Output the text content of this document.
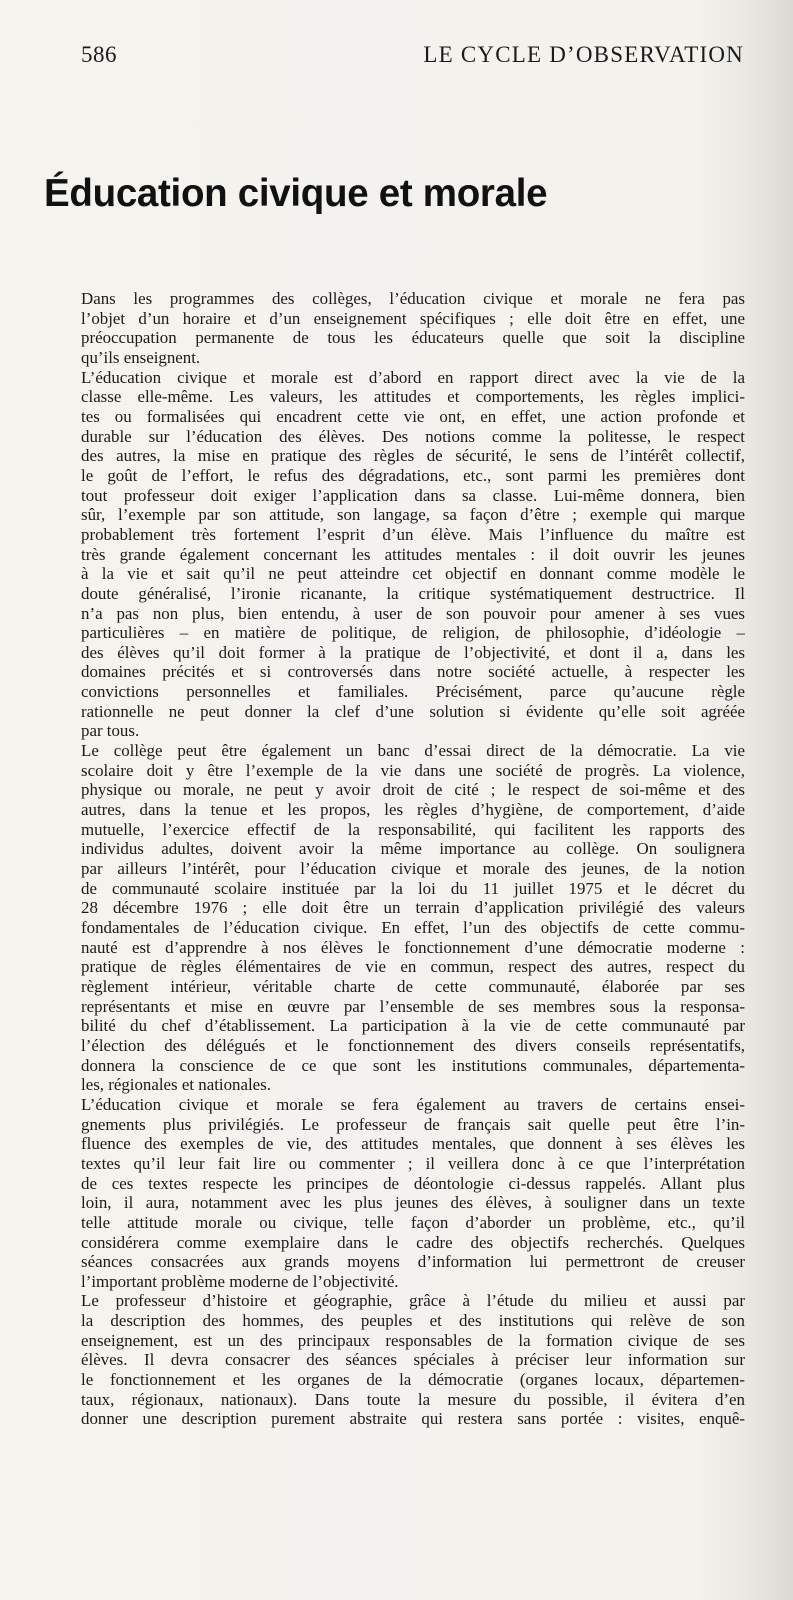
586	LE CYCLE D’OBSERVATION
Éducation civique et morale

Dans les programmes des collèges, l’éducation civique et morale ne fera pas
l’objet d’un horaire et d’un enseignement spécifiques ; elle doit être en effet, une
préoccupation permanente de tous les éducateurs quelle que soit la discipline
qu’ils enseignent.

L’éducation civique et morale est d’abord en rapport direct avec la vie de la
classe elle-même. Les valeurs, les attitudes et comportements, les règles implici-
tes ou formalisées qui encadrent cette vie ont, en effet, une action profonde et
durable sur l’éducation des élèves. Des notions comme la politesse, le respect
des autres, la mise en pratique des règles de sécurité, le sens de l’intérêt collectif,
le goût de l’effort, le refus des dégradations, etc., sont parmi les premières dont
tout professeur doit exiger l’application dans sa classe. Lui-même donnera, bien
sûr, l’exemple par son attitude, son langage, sa façon d’être ; exemple qui marque
probablement très fortement l’esprit d’un élève. Mais l’influence du maître est
très grande également concernant les attitudes mentales : il doit ouvrir les jeunes
à la vie et sait qu’il ne peut atteindre cet objectif en donnant comme modèle le
doute généralisé, l’ironie ricanante, la critique systématiquement destructrice. Il
n’a pas non plus, bien entendu, à user de son pouvoir pour amener à ses vues
particulières – en matière de politique, de religion, de philosophie, d’idéologie –
des élèves qu’il doit former à la pratique de l’objectivité, et dont il a, dans les
domaines précités et si controversés dans notre société actuelle, à respecter les
convictions personnelles et familiales. Précisément, parce qu’aucune règle
rationnelle ne peut donner la clef d’une solution si évidente qu’elle soit agréée
par tous.

Le collège peut être également un banc d’essai direct de la démocratie. La vie
scolaire doit y être l’exemple de la vie dans une société de progrès. La violence,
physique ou morale, ne peut y avoir droit de cité ; le respect de soi-même et des
autres, dans la tenue et les propos, les règles d’hygiène, de comportement, d’aide
mutuelle, l’exercice effectif de la responsabilité, qui facilitent les rapports des
individus adultes, doivent avoir la même importance au collège. On soulignera
par ailleurs l’intérêt, pour l’éducation civique et morale des jeunes, de la notion
de communauté scolaire instituée par la loi du 11 juillet 1975 et le décret du
28 décembre 1976 ; elle doit être un terrain d’application privilégié des valeurs
fondamentales de l’éducation civique. En effet, l’un des objectifs de cette commu-
nauté est d’apprendre à nos élèves le fonctionnement d’une démocratie moderne :
pratique de règles élémentaires de vie en commun, respect des autres, respect du
règlement intérieur, véritable charte de cette communauté, élaborée par ses
représentants et mise en œuvre par l’ensemble de ses membres sous la responsa-
bilité du chef d’établissement. La participation à la vie de cette communauté par
l’élection des délégués et le fonctionnement des divers conseils représentatifs,
donnera la conscience de ce que sont les institutions communales, départementa-
les, régionales et nationales.

L’éducation civique et morale se fera également au travers de certains ensei-
gnements plus privilégiés. Le professeur de français sait quelle peut être l’in-
fluence des exemples de vie, des attitudes mentales, que donnent à ses élèves les
textes qu’il leur fait lire ou commenter ; il veillera donc à ce que l’interprétation
de ces textes respecte les principes de déontologie ci-dessus rappelés. Allant plus
loin, il aura, notamment avec les plus jeunes des élèves, à souligner dans un texte
telle attitude morale ou civique, telle façon d’aborder un problème, etc., qu’il
considérera comme exemplaire dans le cadre des objectifs recherchés. Quelques
séances consacrées aux grands moyens d’information lui permettront de creuser
l’important problème moderne de l’objectivité.

Le professeur d’histoire et géographie, grâce à l’étude du milieu et aussi par
la description des hommes, des peuples et des institutions qui relève de son
enseignement, est un des principaux responsables de la formation civique de ses
élèves. Il devra consacrer des séances spéciales à préciser leur information sur
le fonctionnement et les organes de la démocratie (organes locaux, départemen-
taux, régionaux, nationaux). Dans toute la mesure du possible, il évitera d’en
donner une description purement abstraite qui restera sans portée : visites, enquê-
